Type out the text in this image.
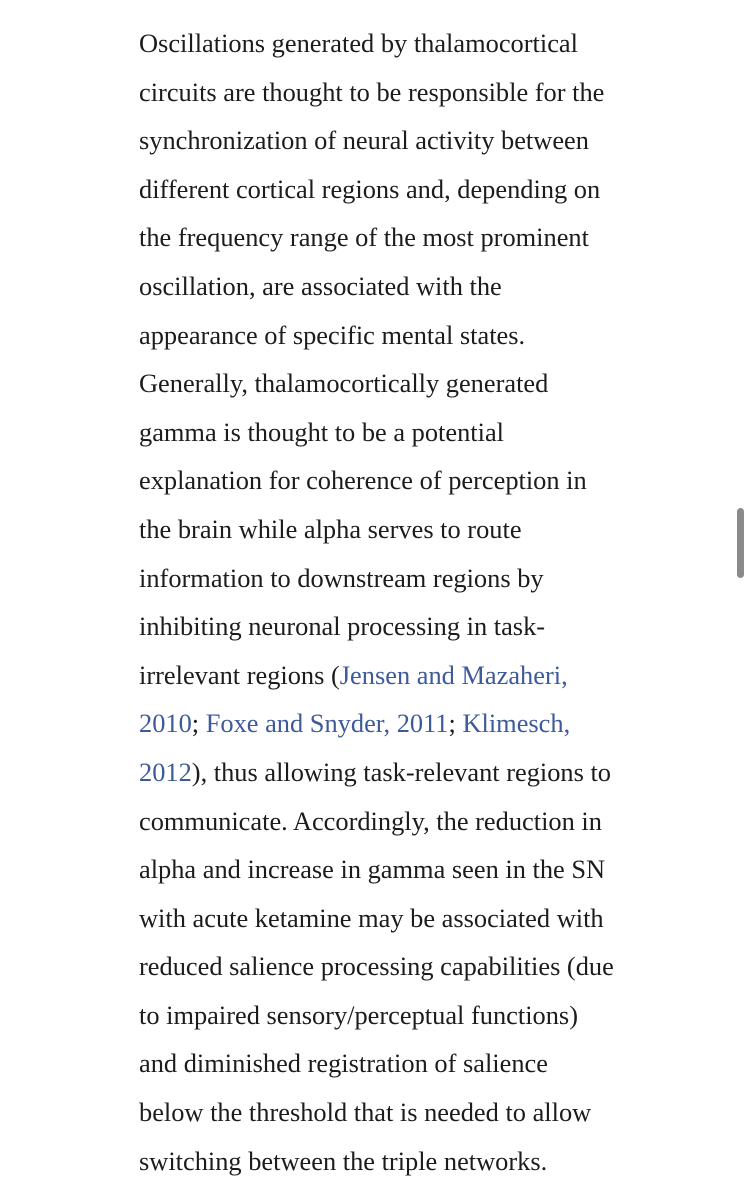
Oscillations generated by thalamocortical
circuits are thought to be responsible for the
synchronization of neural activity between
different cortical regions and, depending on
the frequency range of the most prominent
oscillation, are associated with the
appearance of specific mental states.
Generally, thalamocortically generated
gamma is thought to be a potential
explanation for coherence of perception in
the brain while alpha serves to route
information to downstream regions by
inhibiting neuronal processing in task-
irrelevant regions (Jensen and Mazaheri,
2010; Foxe and Snyder, 2011; Klimesch,
2012), thus allowing task-relevant regions to
communicate. Accordingly, the reduction in
alpha and increase in gamma seen in the SN
with acute ketamine may be associated with
reduced salience processing capabilities (due
to impaired sensory/perceptual functions)
and diminished registration of salience
below the threshold that is needed to allow
switching between the triple networks.
